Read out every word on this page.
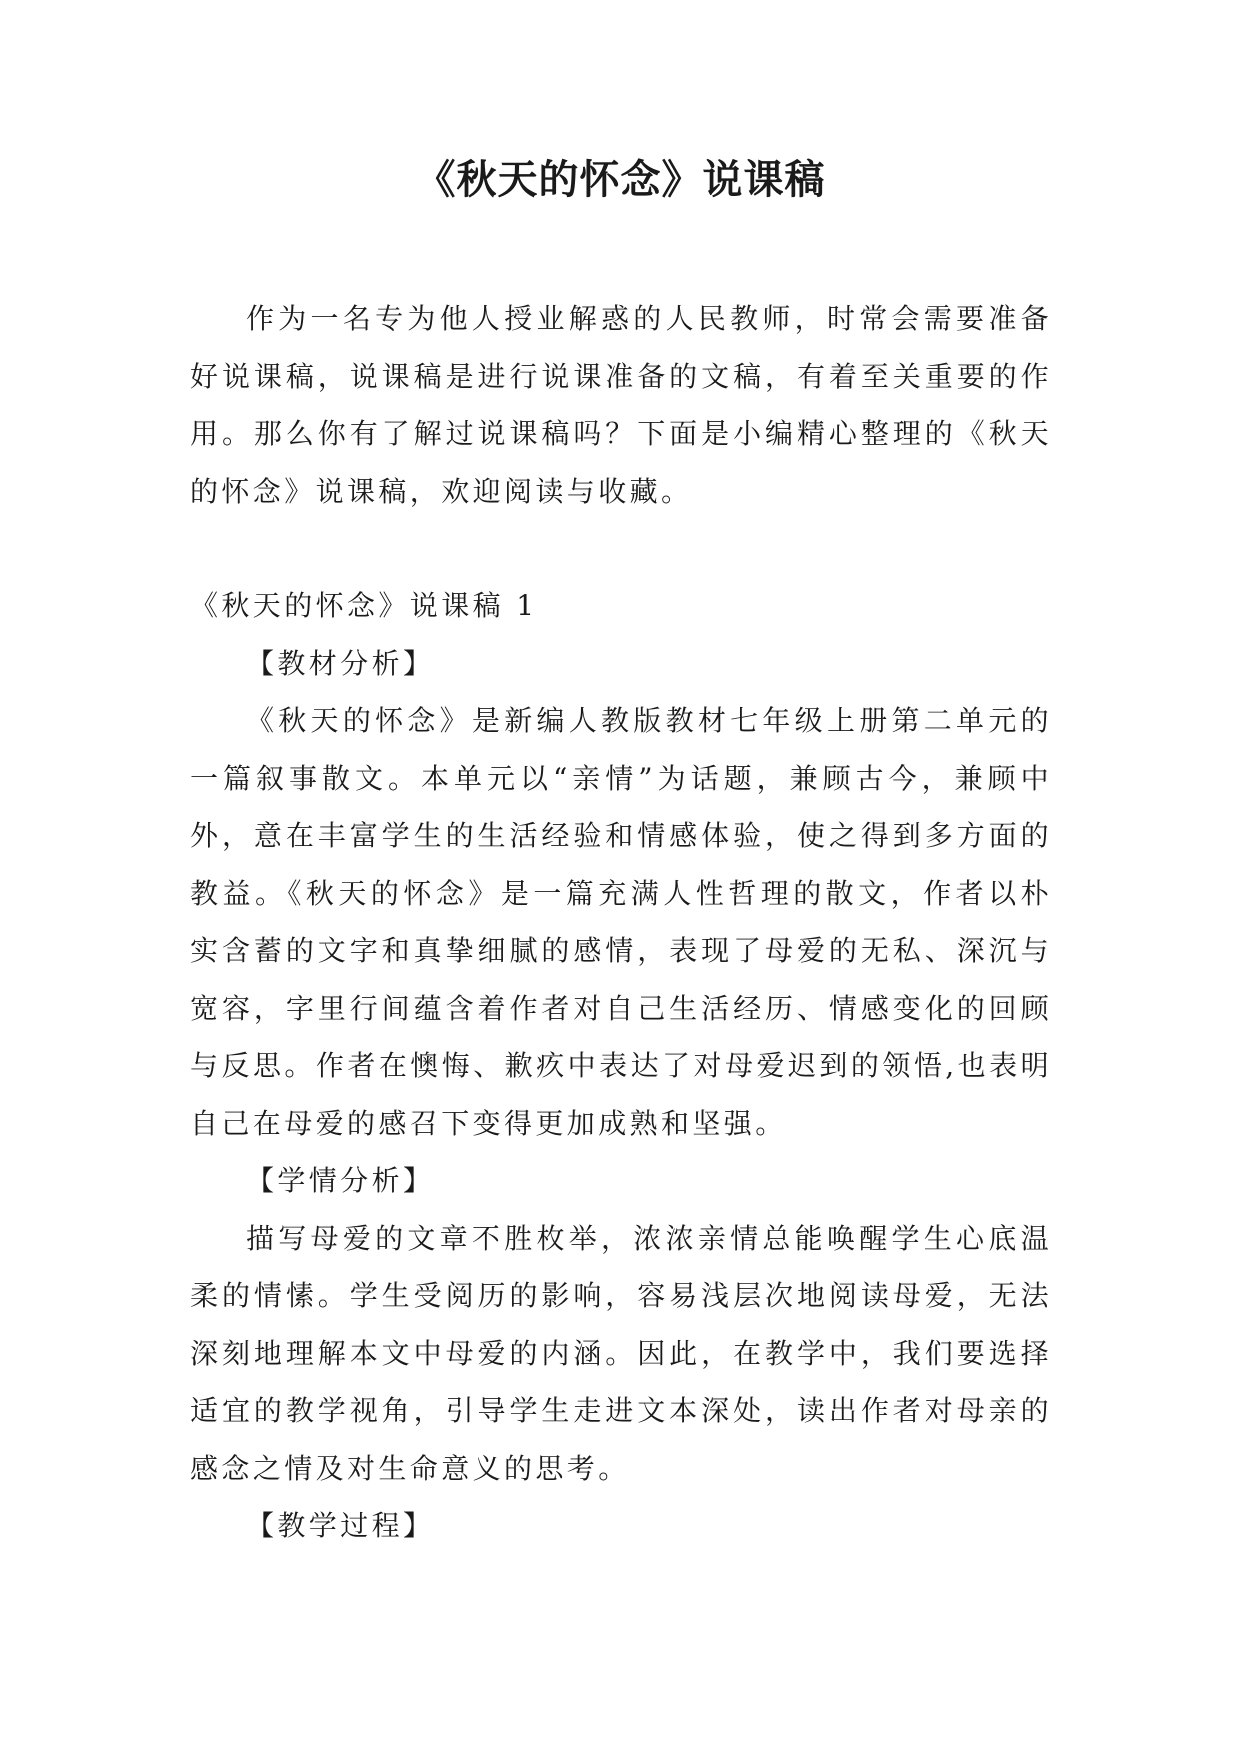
《秋天的怀念》说课稿

作为一名专为他人授业解惑的人民教师，时常会需要准备好说课稿，说课稿是进行说课准备的文稿，有着至关重要的作用。那么你有了解过说课稿吗？下面是小编精心整理的《秋天的怀念》说课稿，欢迎阅读与收藏。

《秋天的怀念》说课稿 1

【教材分析】

《秋天的怀念》是新编人教版教材七年级上册第二单元的一篇叙事散文。本单元以“亲情”为话题，兼顾古今，兼顾中外，意在丰富学生的生活经验和情感体验，使之得到多方面的教益。《秋天的怀念》是一篇充满人性哲理的散文，作者以朴实含蓄的文字和真挚细腻的感情，表现了母爱的无私、深沉与宽容，字里行间蕴含着作者对自己生活经历、情感变化的回顾与反思。作者在懊悔、歉疚中表达了对母爱迟到的领悟,也表明自己在母爱的感召下变得更加成熟和坚强。

【学情分析】

描写母爱的文章不胜枚举，浓浓亲情总能唤醒学生心底温柔的情愫。学生受阅历的影响，容易浅层次地阅读母爱，无法深刻地理解本文中母爱的内涵。因此，在教学中，我们要选择适宜的教学视角，引导学生走进文本深处，读出作者对母亲的感念之情及对生命意义的思考。

【教学过程】
